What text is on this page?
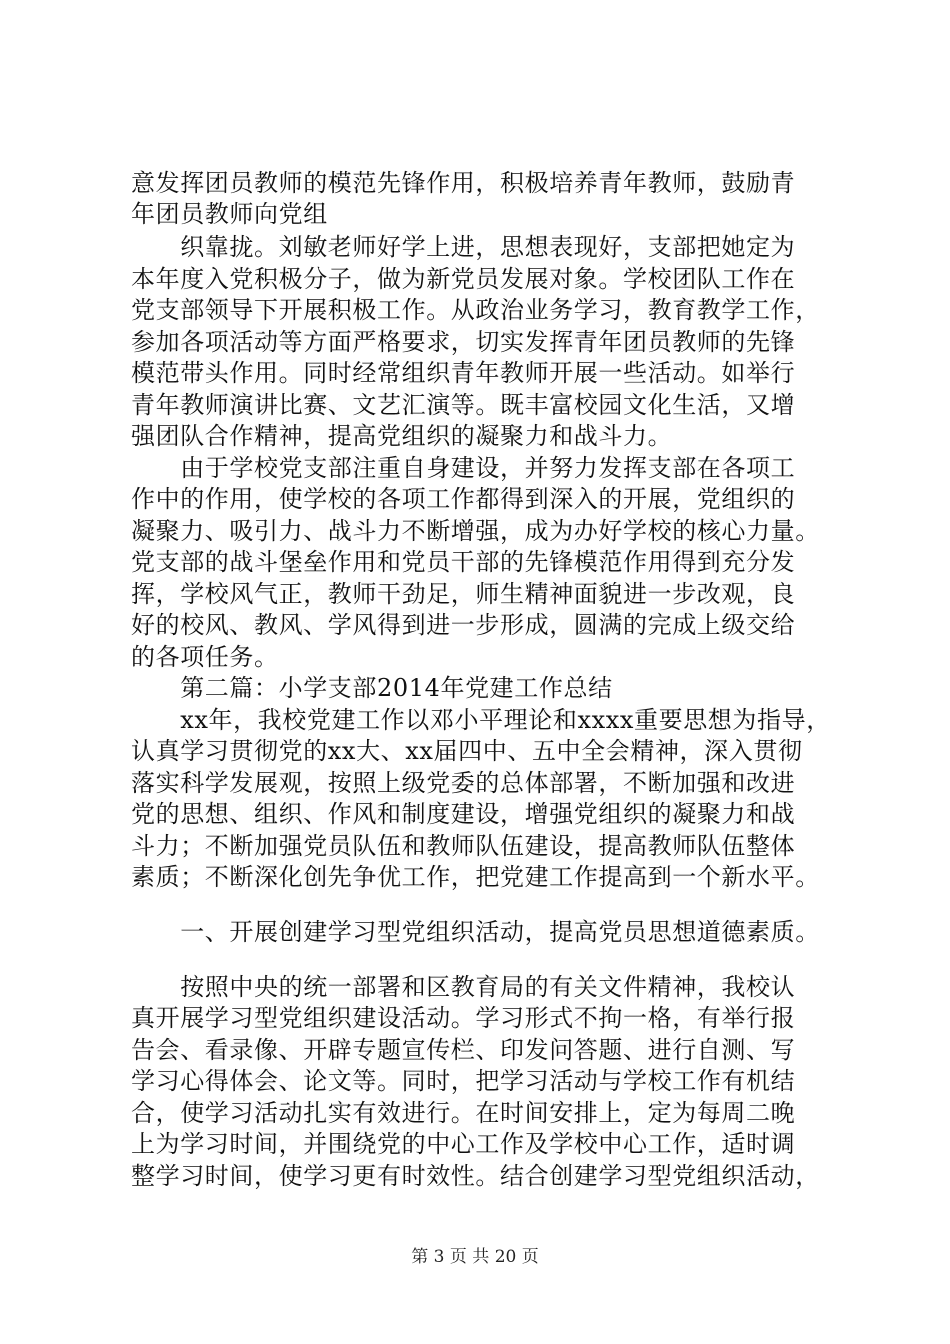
意发挥团员教师的模范先锋作用，积极培养青年教师，鼓励青
年团员教师向党组
　　织靠拢。刘敏老师好学上进，思想表现好，支部把她定为
本年度入党积极分子，做为新党员发展对象。学校团队工作在
党支部领导下开展积极工作。从政治业务学习，教育教学工作，
参加各项活动等方面严格要求，切实发挥青年团员教师的先锋
模范带头作用。同时经常组织青年教师开展一些活动。如举行
青年教师演讲比赛、文艺汇演等。既丰富校园文化生活，又增
强团队合作精神，提高党组织的凝聚力和战斗力。
　　由于学校党支部注重自身建设，并努力发挥支部在各项工
作中的作用，使学校的各项工作都得到深入的开展，党组织的
凝聚力、吸引力、战斗力不断增强，成为办好学校的核心力量。
党支部的战斗堡垒作用和党员干部的先锋模范作用得到充分发
挥，学校风气正，教师干劲足，师生精神面貌进一步改观，良
好的校风、教风、学风得到进一步形成，圆满的完成上级交给
的各项任务。
　　第二篇：小学支部2014年党建工作总结
　　xx年，我校党建工作以邓小平理论和xxxx重要思想为指导，
认真学习贯彻党的xx大、xx届四中、五中全会精神，深入贯彻
落实科学发展观，按照上级党委的总体部署，不断加强和改进
党的思想、组织、作风和制度建设，增强党组织的凝聚力和战
斗力；不断加强党员队伍和教师队伍建设，提高教师队伍整体
素质；不断深化创先争优工作，把党建工作提高到一个新水平。
　　一、开展创建学习型党组织活动，提高党员思想道德素质。
　　按照中央的统一部署和区教育局的有关文件精神，我校认
真开展学习型党组织建设活动。学习形式不拘一格，有举行报
告会、看录像、开辟专题宣传栏、印发问答题、进行自测、写
学习心得体会、论文等。同时，把学习活动与学校工作有机结
合，使学习活动扎实有效进行。在时间安排上，定为每周二晚
上为学习时间，并围绕党的中心工作及学校中心工作，适时调
整学习时间，使学习更有时效性。结合创建学习型党组织活动，
第 3 页 共 20 页
